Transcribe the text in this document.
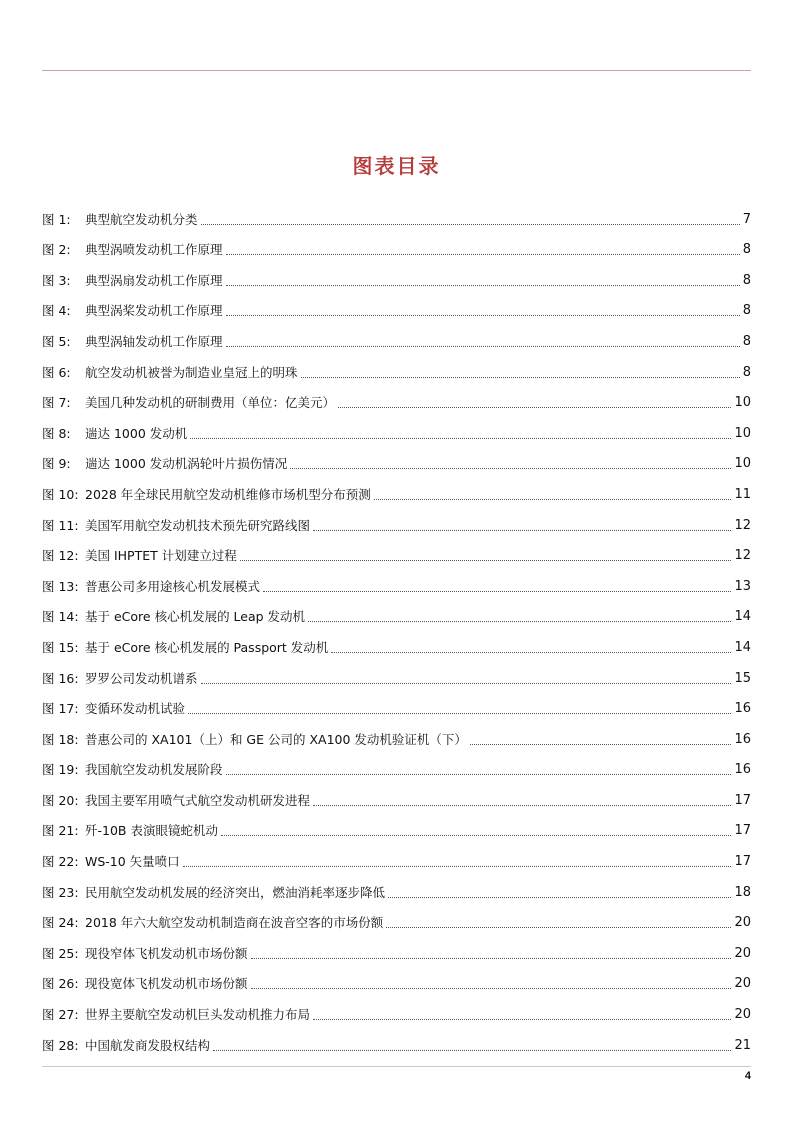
图表目录
图 1:	典型航空发动机分类	7
图 2:	典型涡喷发动机工作原理	8
图 3:	典型涡扇发动机工作原理	8
图 4:	典型涡桨发动机工作原理	8
图 5:	典型涡轴发动机工作原理	8
图 6:	航空发动机被誉为制造业皇冠上的明珠	8
图 7:	美国几种发动机的研制费用（单位：亿美元）	10
图 8:	遄达 1000 发动机	10
图 9:	遄达 1000 发动机涡轮叶片损伤情况	10
图 10: 2028 年全球民用航空发动机维修市场机型分布预测	11
图 11: 美国军用航空发动机技术预先研究路线图	12
图 12: 美国 IHPTET 计划建立过程	12
图 13: 普惠公司多用途核心机发展模式	13
图 14: 基于 eCore 核心机发展的 Leap 发动机	14
图 15: 基于 eCore 核心机发展的 Passport 发动机	14
图 16: 罗罗公司发动机谱系	15
图 17: 变循环发动机试验	16
图 18: 普惠公司的 XA101（上）和 GE 公司的 XA100 发动机验证机（下）	16
图 19: 我国航空发动机发展阶段	16
图 20: 我国主要军用喷气式航空发动机研发进程	17
图 21: 歼-10B 表演眼镜蛇机动	17
图 22: WS-10 矢量喷口	17
图 23: 民用航空发动机发展的经济突出，燃油消耗率逐步降低	18
图 24: 2018 年六大航空发动机制造商在波音空客的市场份额	20
图 25: 现役窄体飞机发动机市场份额	20
图 26: 现役宽体飞机发动机市场份额	20
图 27: 世界主要航空发动机巨头发动机推力布局	20
图 28: 中国航发商发股权结构	21
4
